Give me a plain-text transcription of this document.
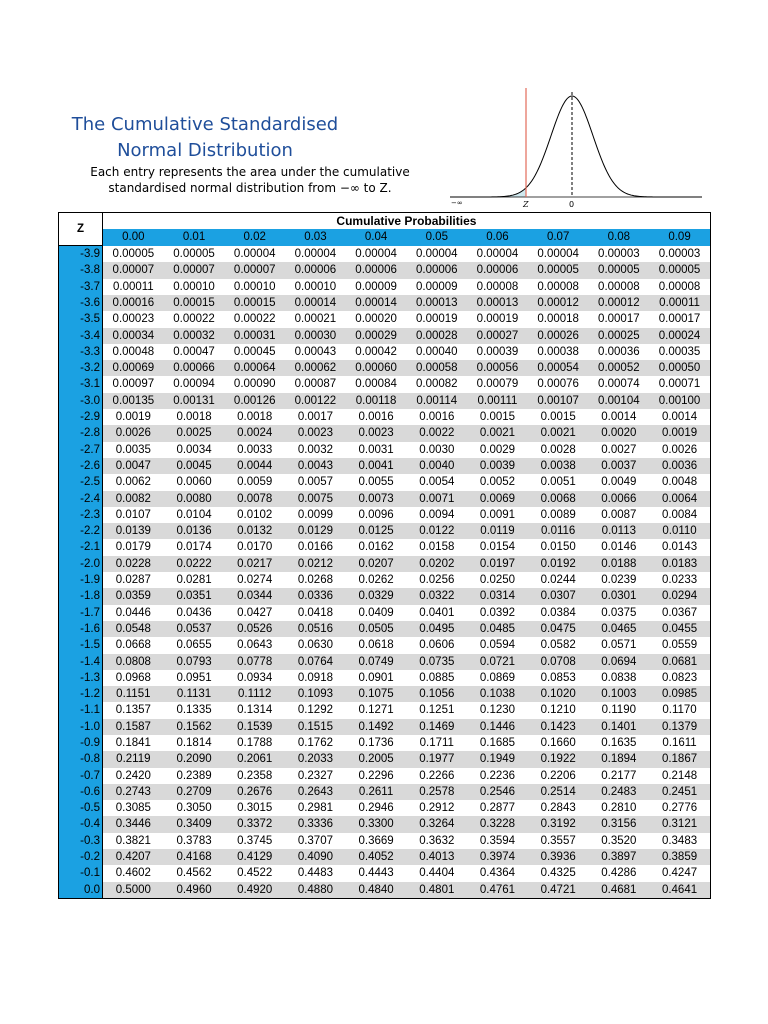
The Cumulative Standardised Normal Distribution
Each entry represents the area under the cumulative
standardised normal distribution from −∞ to Z.
−∞	Z	0
Z	Cumulative Probabilities									
	0.00	0.01	0.02	0.03	0.04	0.05	0.06	0.07	0.08	0.09
-3.9	0.00005	0.00005	0.00004	0.00004	0.00004	0.00004	0.00004	0.00004	0.00003	0.00003
-3.8	0.00007	0.00007	0.00007	0.00006	0.00006	0.00006	0.00006	0.00005	0.00005	0.00005
-3.7	0.00011	0.00010	0.00010	0.00010	0.00009	0.00009	0.00008	0.00008	0.00008	0.00008
-3.6	0.00016	0.00015	0.00015	0.00014	0.00014	0.00013	0.00013	0.00012	0.00012	0.00011
-3.5	0.00023	0.00022	0.00022	0.00021	0.00020	0.00019	0.00019	0.00018	0.00017	0.00017
-3.4	0.00034	0.00032	0.00031	0.00030	0.00029	0.00028	0.00027	0.00026	0.00025	0.00024
-3.3	0.00048	0.00047	0.00045	0.00043	0.00042	0.00040	0.00039	0.00038	0.00036	0.00035
-3.2	0.00069	0.00066	0.00064	0.00062	0.00060	0.00058	0.00056	0.00054	0.00052	0.00050
-3.1	0.00097	0.00094	0.00090	0.00087	0.00084	0.00082	0.00079	0.00076	0.00074	0.00071
-3.0	0.00135	0.00131	0.00126	0.00122	0.00118	0.00114	0.00111	0.00107	0.00104	0.00100
-2.9	0.0019	0.0018	0.0018	0.0017	0.0016	0.0016	0.0015	0.0015	0.0014	0.0014
-2.8	0.0026	0.0025	0.0024	0.0023	0.0023	0.0022	0.0021	0.0021	0.0020	0.0019
-2.7	0.0035	0.0034	0.0033	0.0032	0.0031	0.0030	0.0029	0.0028	0.0027	0.0026
-2.6	0.0047	0.0045	0.0044	0.0043	0.0041	0.0040	0.0039	0.0038	0.0037	0.0036
-2.5	0.0062	0.0060	0.0059	0.0057	0.0055	0.0054	0.0052	0.0051	0.0049	0.0048
-2.4	0.0082	0.0080	0.0078	0.0075	0.0073	0.0071	0.0069	0.0068	0.0066	0.0064
-2.3	0.0107	0.0104	0.0102	0.0099	0.0096	0.0094	0.0091	0.0089	0.0087	0.0084
-2.2	0.0139	0.0136	0.0132	0.0129	0.0125	0.0122	0.0119	0.0116	0.0113	0.0110
-2.1	0.0179	0.0174	0.0170	0.0166	0.0162	0.0158	0.0154	0.0150	0.0146	0.0143
-2.0	0.0228	0.0222	0.0217	0.0212	0.0207	0.0202	0.0197	0.0192	0.0188	0.0183
-1.9	0.0287	0.0281	0.0274	0.0268	0.0262	0.0256	0.0250	0.0244	0.0239	0.0233
-1.8	0.0359	0.0351	0.0344	0.0336	0.0329	0.0322	0.0314	0.0307	0.0301	0.0294
-1.7	0.0446	0.0436	0.0427	0.0418	0.0409	0.0401	0.0392	0.0384	0.0375	0.0367
-1.6	0.0548	0.0537	0.0526	0.0516	0.0505	0.0495	0.0485	0.0475	0.0465	0.0455
-1.5	0.0668	0.0655	0.0643	0.0630	0.0618	0.0606	0.0594	0.0582	0.0571	0.0559
-1.4	0.0808	0.0793	0.0778	0.0764	0.0749	0.0735	0.0721	0.0708	0.0694	0.0681
-1.3	0.0968	0.0951	0.0934	0.0918	0.0901	0.0885	0.0869	0.0853	0.0838	0.0823
-1.2	0.1151	0.1131	0.1112	0.1093	0.1075	0.1056	0.1038	0.1020	0.1003	0.0985
-1.1	0.1357	0.1335	0.1314	0.1292	0.1271	0.1251	0.1230	0.1210	0.1190	0.1170
-1.0	0.1587	0.1562	0.1539	0.1515	0.1492	0.1469	0.1446	0.1423	0.1401	0.1379
-0.9	0.1841	0.1814	0.1788	0.1762	0.1736	0.1711	0.1685	0.1660	0.1635	0.1611
-0.8	0.2119	0.2090	0.2061	0.2033	0.2005	0.1977	0.1949	0.1922	0.1894	0.1867
-0.7	0.2420	0.2389	0.2358	0.2327	0.2296	0.2266	0.2236	0.2206	0.2177	0.2148
-0.6	0.2743	0.2709	0.2676	0.2643	0.2611	0.2578	0.2546	0.2514	0.2483	0.2451
-0.5	0.3085	0.3050	0.3015	0.2981	0.2946	0.2912	0.2877	0.2843	0.2810	0.2776
-0.4	0.3446	0.3409	0.3372	0.3336	0.3300	0.3264	0.3228	0.3192	0.3156	0.3121
-0.3	0.3821	0.3783	0.3745	0.3707	0.3669	0.3632	0.3594	0.3557	0.3520	0.3483
-0.2	0.4207	0.4168	0.4129	0.4090	0.4052	0.4013	0.3974	0.3936	0.3897	0.3859
-0.1	0.4602	0.4562	0.4522	0.4483	0.4443	0.4404	0.4364	0.4325	0.4286	0.4247
0.0	0.5000	0.4960	0.4920	0.4880	0.4840	0.4801	0.4761	0.4721	0.4681	0.4641
